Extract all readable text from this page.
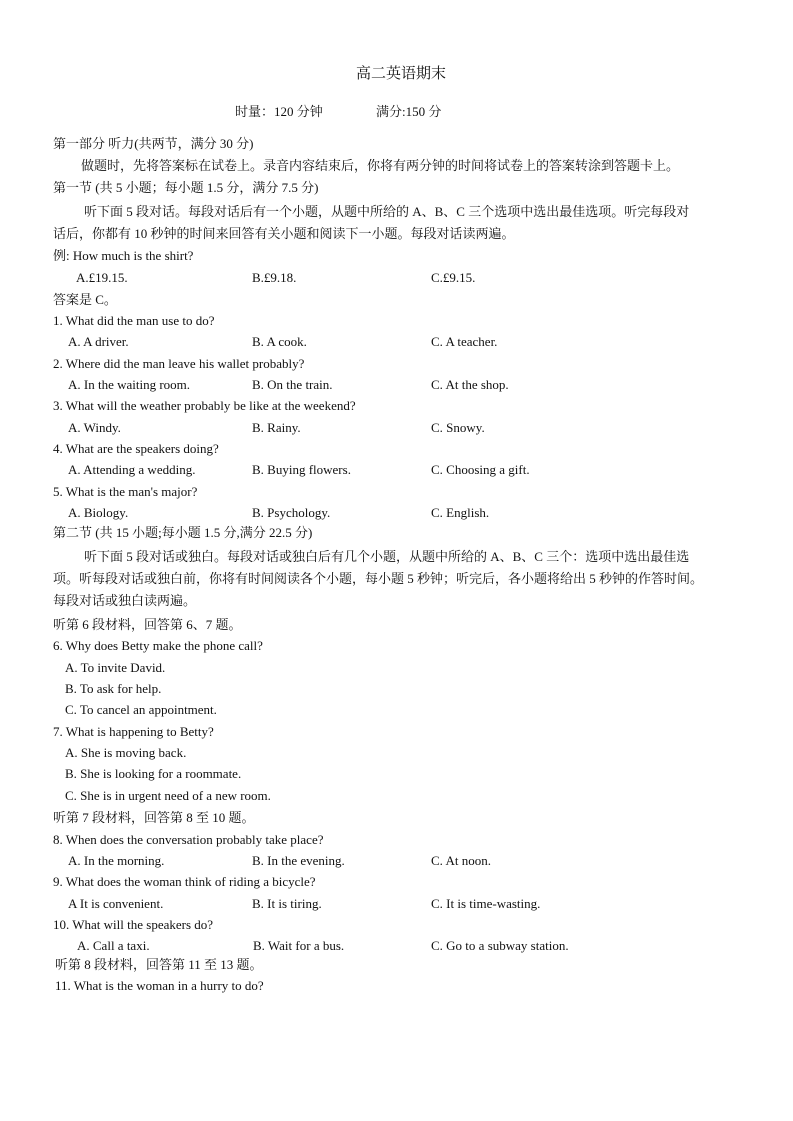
高二英语期末
时量：120 分钟	满分:150 分
第一部分 听力(共两节，满分 30 分)
做题时，先将答案标在试卷上。录音内容结束后，你将有两分钟的时间将试卷上的答案转涂到答题卡上。
第一节 (共 5 小题；每小题 1.5 分，满分 7.5 分)
听下面 5 段对话。每段对话后有一个小题，从题中所给的 A、B、C 三个选项中选出最佳选项。听完每段对
话后，你都有 10 秒钟的时间来回答有关小题和阅读下一小题。每段对话读两遍。
例: How much is the shirt?
A.£19.15.	B.£9.18.	C.£9.15.
答案是 C。
1. What did the man use to do?
A. A driver.	B. A cook.	C. A teacher.
2. Where did the man leave his wallet probably?
A. In the waiting room.	B. On the train.	C. At the shop.
3. What will the weather probably be like at the weekend?
A. Windy.	B. Rainy.	C. Snowy.
4. What are the speakers doing?
A. Attending a wedding.	B. Buying flowers.	C. Choosing a gift.
5. What is the man's major?
A. Biology.	B. Psychology.	C. English.
第二节 (共 15 小题;每小题 1.5 分,满分 22.5 分)
听下面 5 段对话或独白。每段对话或独白后有几个小题，从题中所给的 A、B、C 三个：选项中选出最佳选
项。听每段对话或独白前，你将有时间阅读各个小题，每小题 5 秒钟；听完后，各小题将给出 5 秒钟的作答时间。
每段对话或独白读两遍。
听第 6 段材料，回答第 6、7 题。
6. Why does Betty make the phone call?
A. To invite David.
B. To ask for help.
C. To cancel an appointment.
7. What is happening to Betty?
A. She is moving back.
B. She is looking for a roommate.
C. She is in urgent need of a new room.
听第 7 段材料，回答第 8 至 10 题。
8. When does the conversation probably take place?
A. In the morning.	B. In the evening.	C. At noon.
9. What does the woman think of riding a bicycle?
A It is convenient.	B. It is tiring.	C. It is time-wasting.
10. What will the speakers do?
A. Call a taxi.	B. Wait for a bus.	C. Go to a subway station.
听第 8 段材料，回答第 11 至 13 题。
11. What is the woman in a hurry to do?
